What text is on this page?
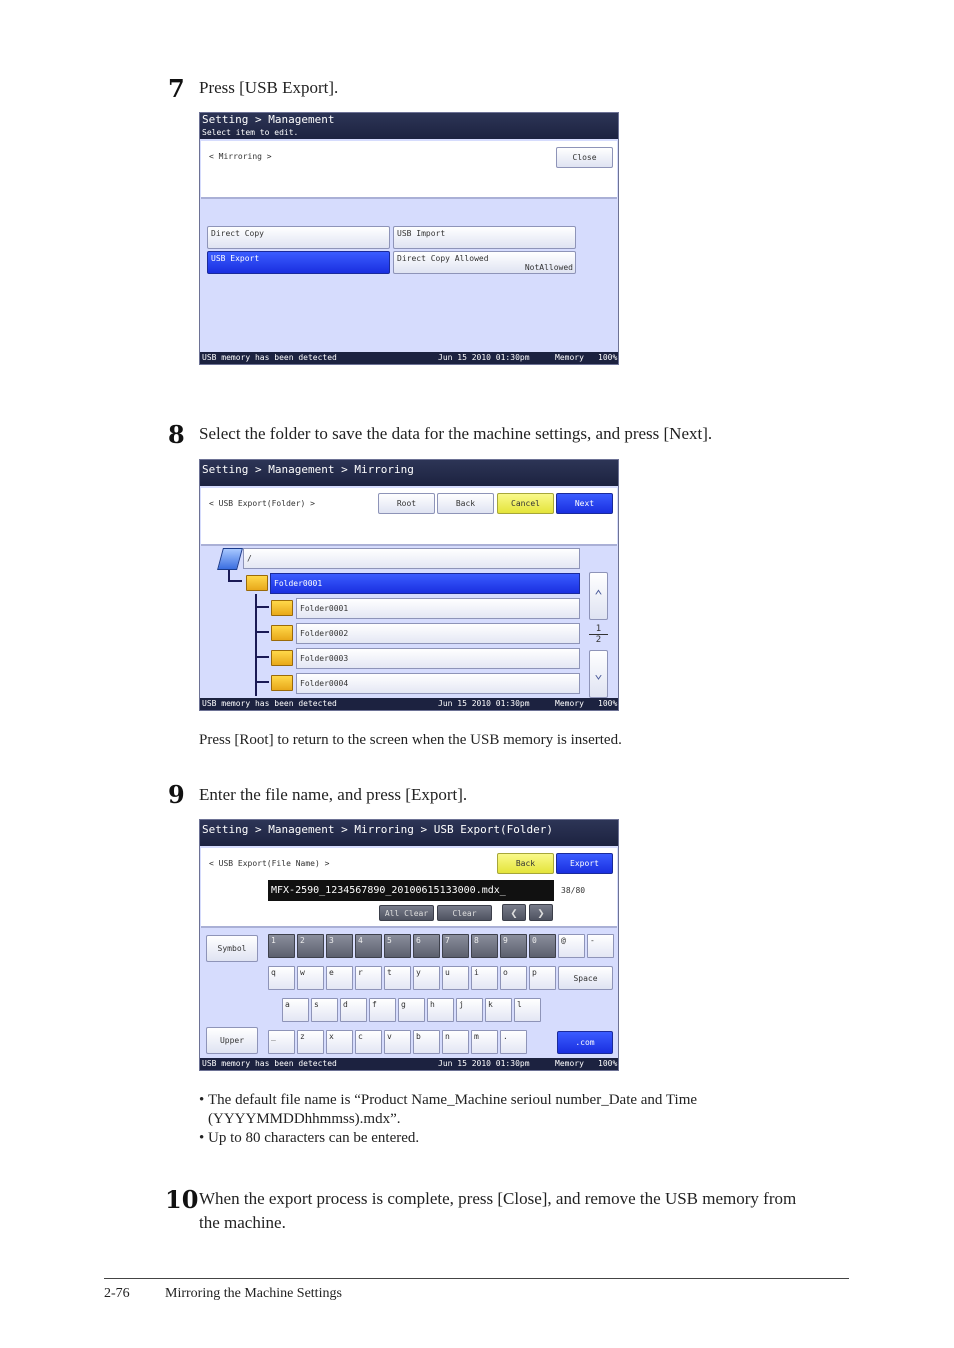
7 Press [USB Export].
Setting > Management
Select item to edit.
< Mirroring >	Close
Direct Copy	USB Import
USB Export	Direct Copy Allowed
NotAllowed
USB memory has been detected	Jun 15 2010 01:30pm	Memory 100%
8 Select the folder to save the data for the machine settings, and press [Next].
Setting > Management > Mirroring
< USB Export(Folder) >	Root	Back	Cancel	Next
/
Folder0001
Folder0001
Folder0002
Folder0003
Folder0004
⌃
1
2
⌄
USB memory has been detected	Jun 15 2010 01:30pm	Memory 100%
Press [Root] to return to the screen when the USB memory is inserted.
9 Enter the file name, and press [Export].
Setting > Management > Mirroring > USB Export(Folder)
< USB Export(File Name) >	Back	Export
MFX-2590_1234567890_20100615133000.mdx_	38/80
All Clear	Clear	❮ ❯
Symbol
Upper
1	2	3	4	5	6	7	8	9	0	@	-
q	w	e	r	t	y	u	i	o	p
Space
a	s	d	f	g	h	j	k	l
_	z	x	c	v	b	n	m	.
.com
USB memory has been detected	Jun 15 2010 01:30pm	Memory 100%
• The default file name is “Product Name_Machine serioul number_Date and Time (YYYYMMDDhhmmss).mdx”.
• Up to 80 characters can be entered.
10 When the export process is complete, press [Close], and remove the USB memory from the machine.
2-76	Mirroring the Machine Settings
